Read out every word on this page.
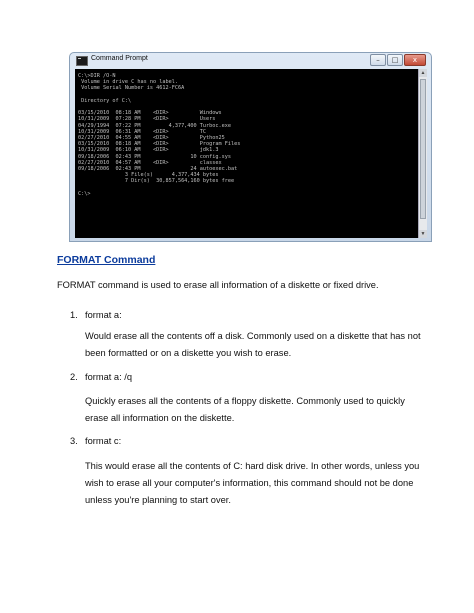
Command Prompt	–	□	x
C:\>DIR /O-N
Volume in drive C has no label.
Volume Serial Number is 4612-FC6A

Directory of C:\

03/15/2010  08:18 AM    <DIR>          Windows
10/31/2009  07:28 PM    <DIR>          Users
04/29/1994  07:22 PM         4,377,400 Turboc.exe
10/31/2009  06:31 AM    <DIR>          TC
02/27/2010  04:55 AM    <DIR>          Python25
03/15/2010  08:18 AM    <DIR>          Program Files
10/31/2009  06:10 AM    <DIR>          jdk1.3
09/18/2006  02:43 PM                10 config.sys
02/27/2010  04:57 AM    <DIR>          classex
09/18/2006  02:43 PM                24 autoexec.bat
3 File(s)      4,377,434 bytes
7 Dir(s)  30,857,564,160 bytes free

C:\>
▲
▼
FORMAT Command
FORMAT command is used to erase all information of a diskette or fixed drive.
1. format a:
Would erase all the contents off a disk. Commonly used on a diskette that has not been formatted or on a diskette you wish to erase.
2. format a: /q
Quickly erases all the contents of a floppy diskette. Commonly used to quickly erase all information on the diskette.
3. format c:
This would erase all the contents of C: hard disk drive. In other words, unless you wish to erase all your computer's information, this command should not be done unless you're planning to start over.
